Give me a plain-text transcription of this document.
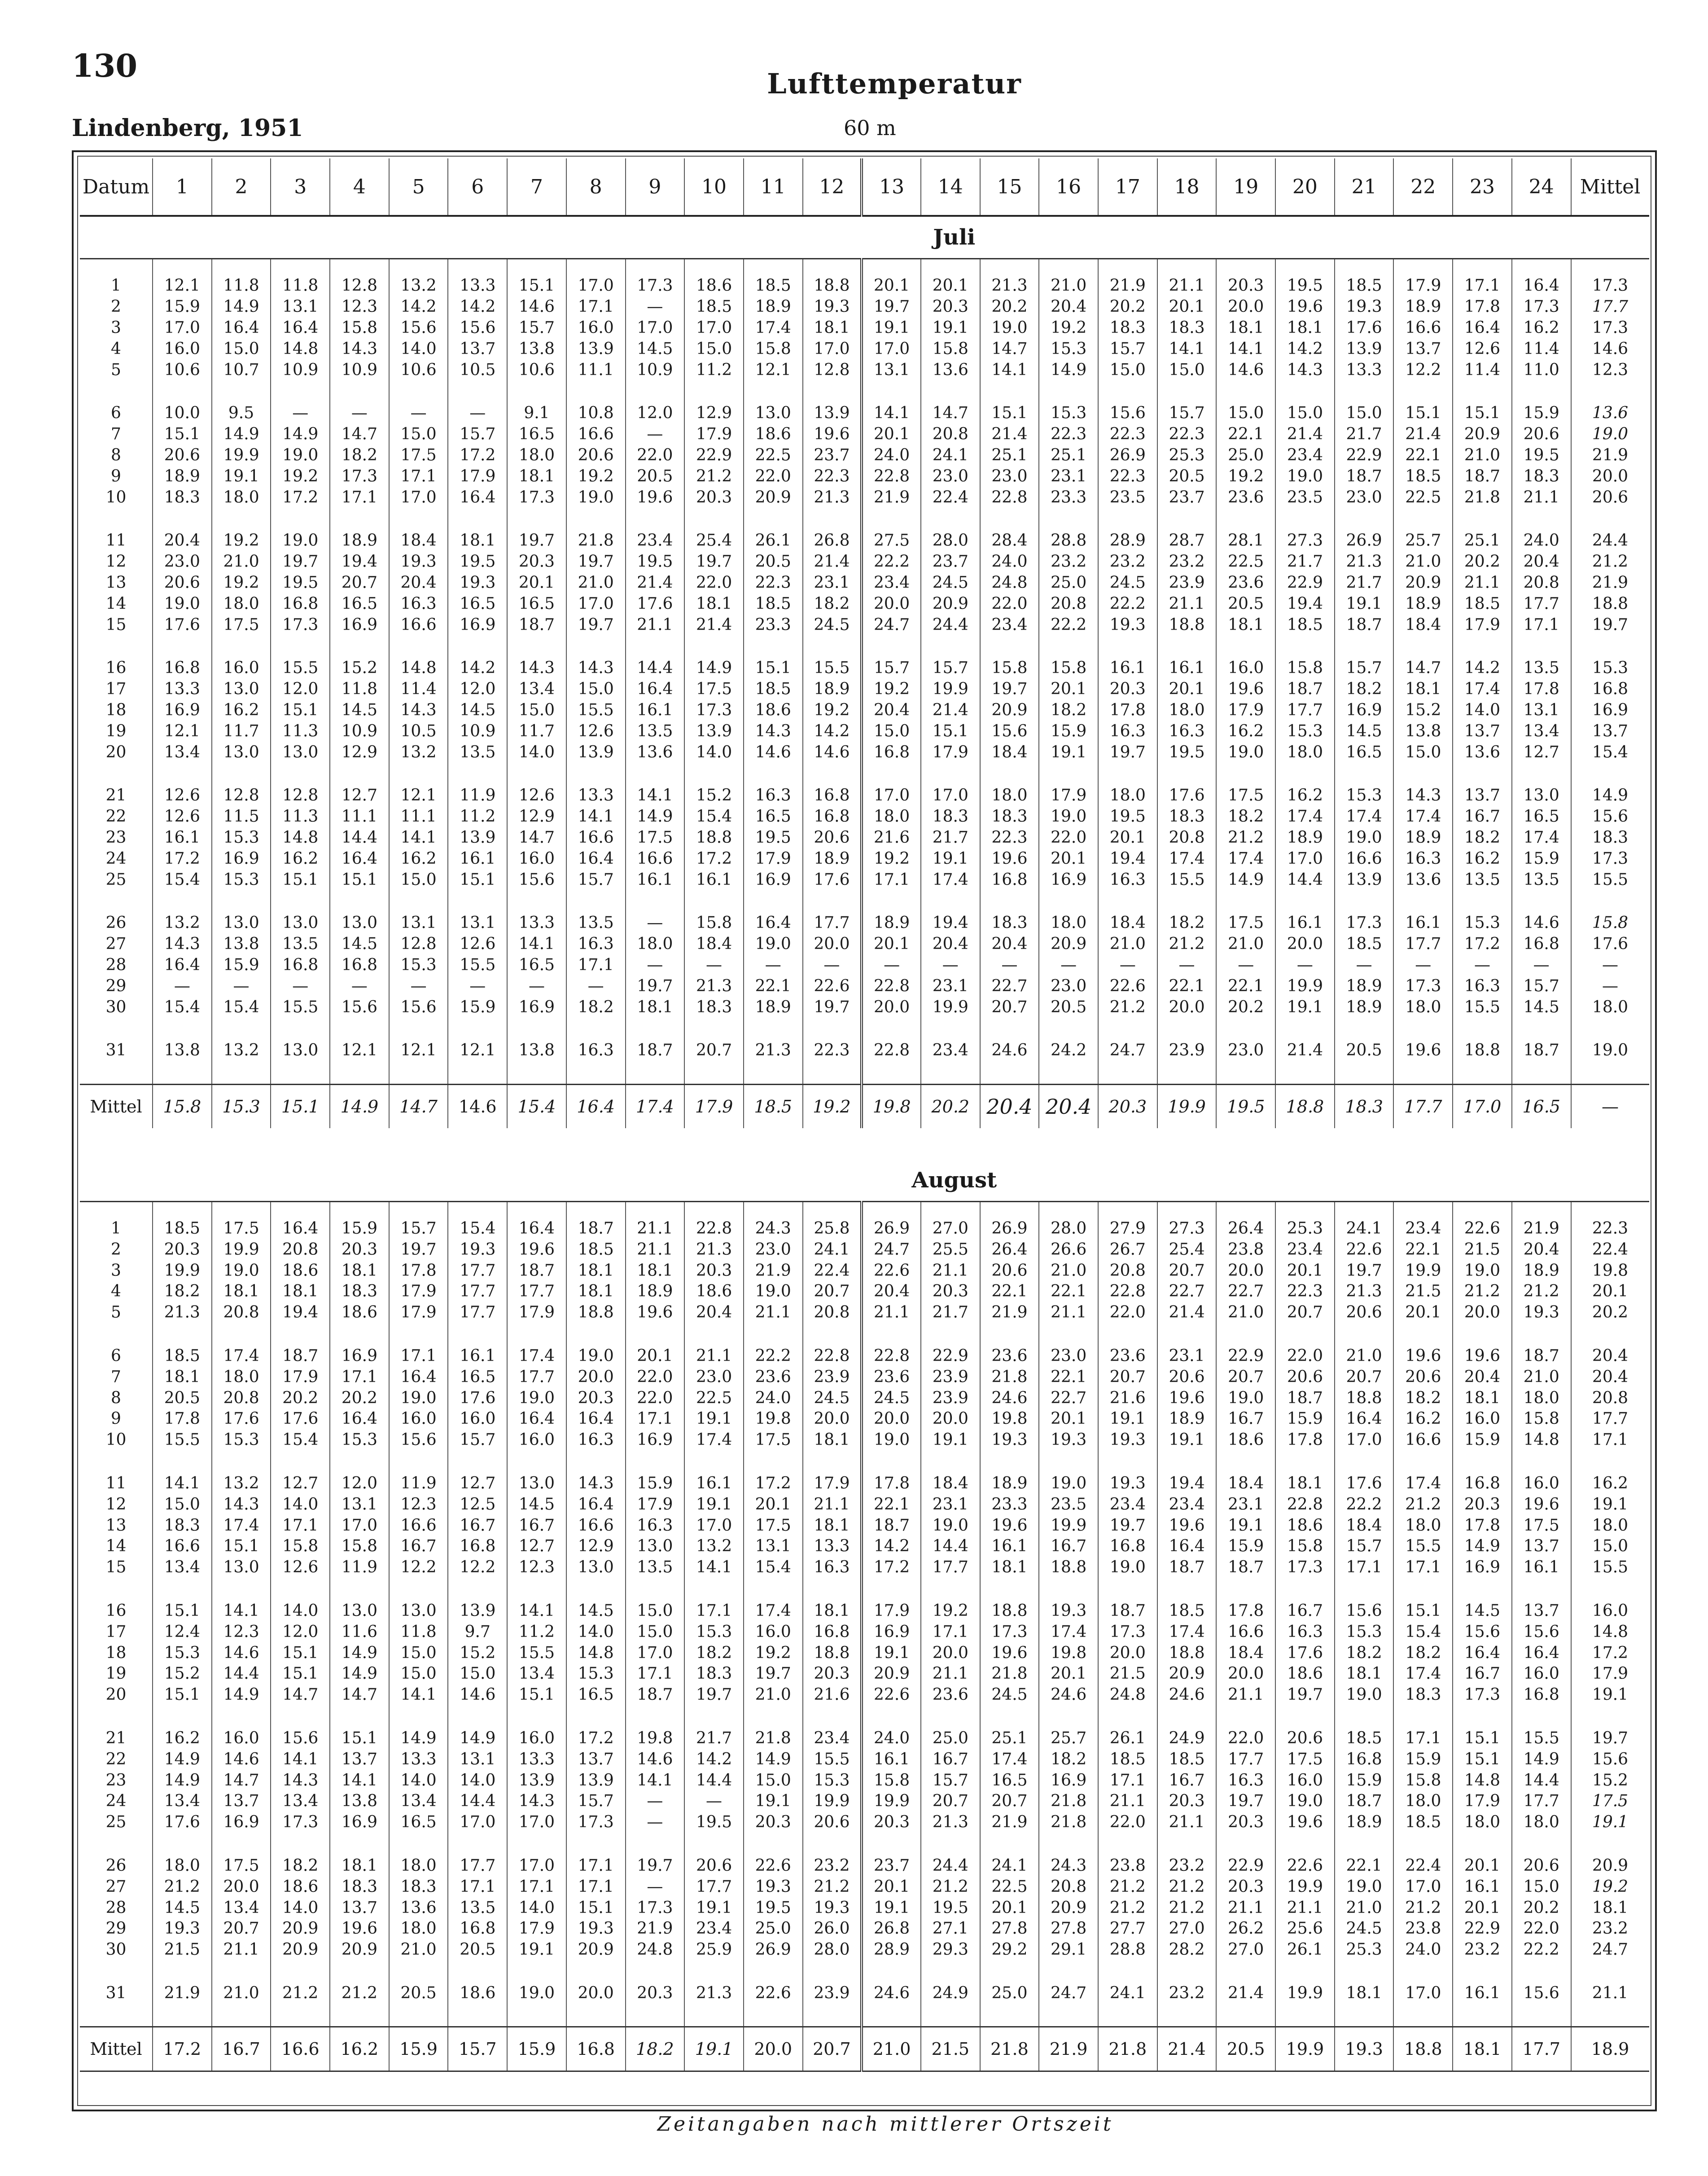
130	Lufttemperatur
Lindenberg, 1951	60 m
Datum	1	2	3	4	5	6	7	8	9	10	11	12	13	14	15	16	17	18	19	20	21	22	23	24	Mittel
Juli																									

1	12.1	11.8	11.8	12.8	13.2	13.3	15.1	17.0	17.3	18.6	18.5	18.8	20.1	20.1	21.3	21.0	21.9	21.1	20.3	19.5	18.5	17.9	17.1	16.4	17.3
2	15.9	14.9	13.1	12.3	14.2	14.2	14.6	17.1	—	18.5	18.9	19.3	19.7	20.3	20.2	20.4	20.2	20.1	20.0	19.6	19.3	18.9	17.8	17.3	17.7
3	17.0	16.4	16.4	15.8	15.6	15.6	15.7	16.0	17.0	17.0	17.4	18.1	19.1	19.1	19.0	19.2	18.3	18.3	18.1	18.1	17.6	16.6	16.4	16.2	17.3
4	16.0	15.0	14.8	14.3	14.0	13.7	13.8	13.9	14.5	15.0	15.8	17.0	17.0	15.8	14.7	15.3	15.7	14.1	14.1	14.2	13.9	13.7	12.6	11.4	14.6
5	10.6	10.7	10.9	10.9	10.6	10.5	10.6	11.1	10.9	11.2	12.1	12.8	13.1	13.6	14.1	14.9	15.0	15.0	14.6	14.3	13.3	12.2	11.4	11.0	12.3

6	10.0	9.5	—	—	—	—	9.1	10.8	12.0	12.9	13.0	13.9	14.1	14.7	15.1	15.3	15.6	15.7	15.0	15.0	15.0	15.1	15.1	15.9	13.6
7	15.1	14.9	14.9	14.7	15.0	15.7	16.5	16.6	—	17.9	18.6	19.6	20.1	20.8	21.4	22.3	22.3	22.3	22.1	21.4	21.7	21.4	20.9	20.6	19.0
8	20.6	19.9	19.0	18.2	17.5	17.2	18.0	20.6	22.0	22.9	22.5	23.7	24.0	24.1	25.1	25.1	26.9	25.3	25.0	23.4	22.9	22.1	21.0	19.5	21.9
9	18.9	19.1	19.2	17.3	17.1	17.9	18.1	19.2	20.5	21.2	22.0	22.3	22.8	23.0	23.0	23.1	22.3	20.5	19.2	19.0	18.7	18.5	18.7	18.3	20.0
10	18.3	18.0	17.2	17.1	17.0	16.4	17.3	19.0	19.6	20.3	20.9	21.3	21.9	22.4	22.8	23.3	23.5	23.7	23.6	23.5	23.0	22.5	21.8	21.1	20.6

11	20.4	19.2	19.0	18.9	18.4	18.1	19.7	21.8	23.4	25.4	26.1	26.8	27.5	28.0	28.4	28.8	28.9	28.7	28.1	27.3	26.9	25.7	25.1	24.0	24.4
12	23.0	21.0	19.7	19.4	19.3	19.5	20.3	19.7	19.5	19.7	20.5	21.4	22.2	23.7	24.0	23.2	23.2	23.2	22.5	21.7	21.3	21.0	20.2	20.4	21.2
13	20.6	19.2	19.5	20.7	20.4	19.3	20.1	21.0	21.4	22.0	22.3	23.1	23.4	24.5	24.8	25.0	24.5	23.9	23.6	22.9	21.7	20.9	21.1	20.8	21.9
14	19.0	18.0	16.8	16.5	16.3	16.5	16.5	17.0	17.6	18.1	18.5	18.2	20.0	20.9	22.0	20.8	22.2	21.1	20.5	19.4	19.1	18.9	18.5	17.7	18.8
15	17.6	17.5	17.3	16.9	16.6	16.9	18.7	19.7	21.1	21.4	23.3	24.5	24.7	24.4	23.4	22.2	19.3	18.8	18.1	18.5	18.7	18.4	17.9	17.1	19.7

16	16.8	16.0	15.5	15.2	14.8	14.2	14.3	14.3	14.4	14.9	15.1	15.5	15.7	15.7	15.8	15.8	16.1	16.1	16.0	15.8	15.7	14.7	14.2	13.5	15.3
17	13.3	13.0	12.0	11.8	11.4	12.0	13.4	15.0	16.4	17.5	18.5	18.9	19.2	19.9	19.7	20.1	20.3	20.1	19.6	18.7	18.2	18.1	17.4	17.8	16.8
18	16.9	16.2	15.1	14.5	14.3	14.5	15.0	15.5	16.1	17.3	18.6	19.2	20.4	21.4	20.9	18.2	17.8	18.0	17.9	17.7	16.9	15.2	14.0	13.1	16.9
19	12.1	11.7	11.3	10.9	10.5	10.9	11.7	12.6	13.5	13.9	14.3	14.2	15.0	15.1	15.6	15.9	16.3	16.3	16.2	15.3	14.5	13.8	13.7	13.4	13.7
20	13.4	13.0	13.0	12.9	13.2	13.5	14.0	13.9	13.6	14.0	14.6	14.6	16.8	17.9	18.4	19.1	19.7	19.5	19.0	18.0	16.5	15.0	13.6	12.7	15.4

21	12.6	12.8	12.8	12.7	12.1	11.9	12.6	13.3	14.1	15.2	16.3	16.8	17.0	17.0	18.0	17.9	18.0	17.6	17.5	16.2	15.3	14.3	13.7	13.0	14.9
22	12.6	11.5	11.3	11.1	11.1	11.2	12.9	14.1	14.9	15.4	16.5	16.8	18.0	18.3	18.3	19.0	19.5	18.3	18.2	17.4	17.4	17.4	16.7	16.5	15.6
23	16.1	15.3	14.8	14.4	14.1	13.9	14.7	16.6	17.5	18.8	19.5	20.6	21.6	21.7	22.3	22.0	20.1	20.8	21.2	18.9	19.0	18.9	18.2	17.4	18.3
24	17.2	16.9	16.2	16.4	16.2	16.1	16.0	16.4	16.6	17.2	17.9	18.9	19.2	19.1	19.6	20.1	19.4	17.4	17.4	17.0	16.6	16.3	16.2	15.9	17.3
25	15.4	15.3	15.1	15.1	15.0	15.1	15.6	15.7	16.1	16.1	16.9	17.6	17.1	17.4	16.8	16.9	16.3	15.5	14.9	14.4	13.9	13.6	13.5	13.5	15.5

26	13.2	13.0	13.0	13.0	13.1	13.1	13.3	13.5	—	15.8	16.4	17.7	18.9	19.4	18.3	18.0	18.4	18.2	17.5	16.1	17.3	16.1	15.3	14.6	15.8
27	14.3	13.8	13.5	14.5	12.8	12.6	14.1	16.3	18.0	18.4	19.0	20.0	20.1	20.4	20.4	20.9	21.0	21.2	21.0	20.0	18.5	17.7	17.2	16.8	17.6
28	16.4	15.9	16.8	16.8	15.3	15.5	16.5	17.1	—	—	—	—	—	—	—	—	—	—	—	—	—	—	—	—	—
29	—	—	—	—	—	—	—	—	19.7	21.3	22.1	22.6	22.8	23.1	22.7	23.0	22.6	22.1	22.1	19.9	18.9	17.3	16.3	15.7	—
30	15.4	15.4	15.5	15.6	15.6	15.9	16.9	18.2	18.1	18.3	18.9	19.7	20.0	19.9	20.7	20.5	21.2	20.0	20.2	19.1	18.9	18.0	15.5	14.5	18.0

31	13.8	13.2	13.0	12.1	12.1	12.1	13.8	16.3	18.7	20.7	21.3	22.3	22.8	23.4	24.6	24.2	24.7	23.9	23.0	21.4	20.5	19.6	18.8	18.7	19.0

Mittel	15.8	15.3	15.1	14.9	14.7	14.6	15.4	16.4	17.4	17.9	18.5	19.2	19.8	20.2	20.4	20.4	20.3	19.9	19.5	18.8	18.3	17.7	17.0	16.5	—

August																									

1	18.5	17.5	16.4	15.9	15.7	15.4	16.4	18.7	21.1	22.8	24.3	25.8	26.9	27.0	26.9	28.0	27.9	27.3	26.4	25.3	24.1	23.4	22.6	21.9	22.3
2	20.3	19.9	20.8	20.3	19.7	19.3	19.6	18.5	21.1	21.3	23.0	24.1	24.7	25.5	26.4	26.6	26.7	25.4	23.8	23.4	22.6	22.1	21.5	20.4	22.4
3	19.9	19.0	18.6	18.1	17.8	17.7	18.7	18.1	18.1	20.3	21.9	22.4	22.6	21.1	20.6	21.0	20.8	20.7	20.0	20.1	19.7	19.9	19.0	18.9	19.8
4	18.2	18.1	18.1	18.3	17.9	17.7	17.7	18.1	18.9	18.6	19.0	20.7	20.4	20.3	22.1	22.1	22.8	22.7	22.7	22.3	21.3	21.5	21.2	21.2	20.1
5	21.3	20.8	19.4	18.6	17.9	17.7	17.9	18.8	19.6	20.4	21.1	20.8	21.1	21.7	21.9	21.1	22.0	21.4	21.0	20.7	20.6	20.1	20.0	19.3	20.2

6	18.5	17.4	18.7	16.9	17.1	16.1	17.4	19.0	20.1	21.1	22.2	22.8	22.8	22.9	23.6	23.0	23.6	23.1	22.9	22.0	21.0	19.6	19.6	18.7	20.4
7	18.1	18.0	17.9	17.1	16.4	16.5	17.7	20.0	22.0	23.0	23.6	23.9	23.6	23.9	21.8	22.1	20.7	20.6	20.7	20.6	20.7	20.6	20.4	21.0	20.4
8	20.5	20.8	20.2	20.2	19.0	17.6	19.0	20.3	22.0	22.5	24.0	24.5	24.5	23.9	24.6	22.7	21.6	19.6	19.0	18.7	18.8	18.2	18.1	18.0	20.8
9	17.8	17.6	17.6	16.4	16.0	16.0	16.4	16.4	17.1	19.1	19.8	20.0	20.0	20.0	19.8	20.1	19.1	18.9	16.7	15.9	16.4	16.2	16.0	15.8	17.7
10	15.5	15.3	15.4	15.3	15.6	15.7	16.0	16.3	16.9	17.4	17.5	18.1	19.0	19.1	19.3	19.3	19.3	19.1	18.6	17.8	17.0	16.6	15.9	14.8	17.1

11	14.1	13.2	12.7	12.0	11.9	12.7	13.0	14.3	15.9	16.1	17.2	17.9	17.8	18.4	18.9	19.0	19.3	19.4	18.4	18.1	17.6	17.4	16.8	16.0	16.2
12	15.0	14.3	14.0	13.1	12.3	12.5	14.5	16.4	17.9	19.1	20.1	21.1	22.1	23.1	23.3	23.5	23.4	23.4	23.1	22.8	22.2	21.2	20.3	19.6	19.1
13	18.3	17.4	17.1	17.0	16.6	16.7	16.7	16.6	16.3	17.0	17.5	18.1	18.7	19.0	19.6	19.9	19.7	19.6	19.1	18.6	18.4	18.0	17.8	17.5	18.0
14	16.6	15.1	15.8	15.8	16.7	16.8	12.7	12.9	13.0	13.2	13.1	13.3	14.2	14.4	16.1	16.7	16.8	16.4	15.9	15.8	15.7	15.5	14.9	13.7	15.0
15	13.4	13.0	12.6	11.9	12.2	12.2	12.3	13.0	13.5	14.1	15.4	16.3	17.2	17.7	18.1	18.8	19.0	18.7	18.7	17.3	17.1	17.1	16.9	16.1	15.5

16	15.1	14.1	14.0	13.0	13.0	13.9	14.1	14.5	15.0	17.1	17.4	18.1	17.9	19.2	18.8	19.3	18.7	18.5	17.8	16.7	15.6	15.1	14.5	13.7	16.0
17	12.4	12.3	12.0	11.6	11.8	9.7	11.2	14.0	15.0	15.3	16.0	16.8	16.9	17.1	17.3	17.4	17.3	17.4	16.6	16.3	15.3	15.4	15.6	15.6	14.8
18	15.3	14.6	15.1	14.9	15.0	15.2	15.5	14.8	17.0	18.2	19.2	18.8	19.1	20.0	19.6	19.8	20.0	18.8	18.4	17.6	18.2	18.2	16.4	16.4	17.2
19	15.2	14.4	15.1	14.9	15.0	15.0	13.4	15.3	17.1	18.3	19.7	20.3	20.9	21.1	21.8	20.1	21.5	20.9	20.0	18.6	18.1	17.4	16.7	16.0	17.9
20	15.1	14.9	14.7	14.7	14.1	14.6	15.1	16.5	18.7	19.7	21.0	21.6	22.6	23.6	24.5	24.6	24.8	24.6	21.1	19.7	19.0	18.3	17.3	16.8	19.1

21	16.2	16.0	15.6	15.1	14.9	14.9	16.0	17.2	19.8	21.7	21.8	23.4	24.0	25.0	25.1	25.7	26.1	24.9	22.0	20.6	18.5	17.1	15.1	15.5	19.7
22	14.9	14.6	14.1	13.7	13.3	13.1	13.3	13.7	14.6	14.2	14.9	15.5	16.1	16.7	17.4	18.2	18.5	18.5	17.7	17.5	16.8	15.9	15.1	14.9	15.6
23	14.9	14.7	14.3	14.1	14.0	14.0	13.9	13.9	14.1	14.4	15.0	15.3	15.8	15.7	16.5	16.9	17.1	16.7	16.3	16.0	15.9	15.8	14.8	14.4	15.2
24	13.4	13.7	13.4	13.8	13.4	14.4	14.3	15.7	—	—	19.1	19.9	19.9	20.7	20.7	21.8	21.1	20.3	19.7	19.0	18.7	18.0	17.9	17.7	17.5
25	17.6	16.9	17.3	16.9	16.5	17.0	17.0	17.3	—	19.5	20.3	20.6	20.3	21.3	21.9	21.8	22.0	21.1	20.3	19.6	18.9	18.5	18.0	18.0	19.1

26	18.0	17.5	18.2	18.1	18.0	17.7	17.0	17.1	19.7	20.6	22.6	23.2	23.7	24.4	24.1	24.3	23.8	23.2	22.9	22.6	22.1	22.4	20.1	20.6	20.9
27	21.2	20.0	18.6	18.3	18.3	17.1	17.1	17.1	—	17.7	19.3	21.2	20.1	21.2	22.5	20.8	21.2	21.2	20.3	19.9	19.0	17.0	16.1	15.0	19.2
28	14.5	13.4	14.0	13.7	13.6	13.5	14.0	15.1	17.3	19.1	19.5	19.3	19.1	19.5	20.1	20.9	21.2	21.2	21.1	21.1	21.0	21.2	20.1	20.2	18.1
29	19.3	20.7	20.9	19.6	18.0	16.8	17.9	19.3	21.9	23.4	25.0	26.0	26.8	27.1	27.8	27.8	27.7	27.0	26.2	25.6	24.5	23.8	22.9	22.0	23.2
30	21.5	21.1	20.9	20.9	21.0	20.5	19.1	20.9	24.8	25.9	26.9	28.0	28.9	29.3	29.2	29.1	28.8	28.2	27.0	26.1	25.3	24.0	23.2	22.2	24.7

31	21.9	21.0	21.2	21.2	20.5	18.6	19.0	20.0	20.3	21.3	22.6	23.9	24.6	24.9	25.0	24.7	24.1	23.2	21.4	19.9	18.1	17.0	16.1	15.6	21.1

Mittel	17.2	16.7	16.6	16.2	15.9	15.7	15.9	16.8	18.2	19.1	20.0	20.7	21.0	21.5	21.8	21.9	21.8	21.4	20.5	19.9	19.3	18.8	18.1	17.7	18.9
Zeitangaben nach mittlerer Ortszeit
